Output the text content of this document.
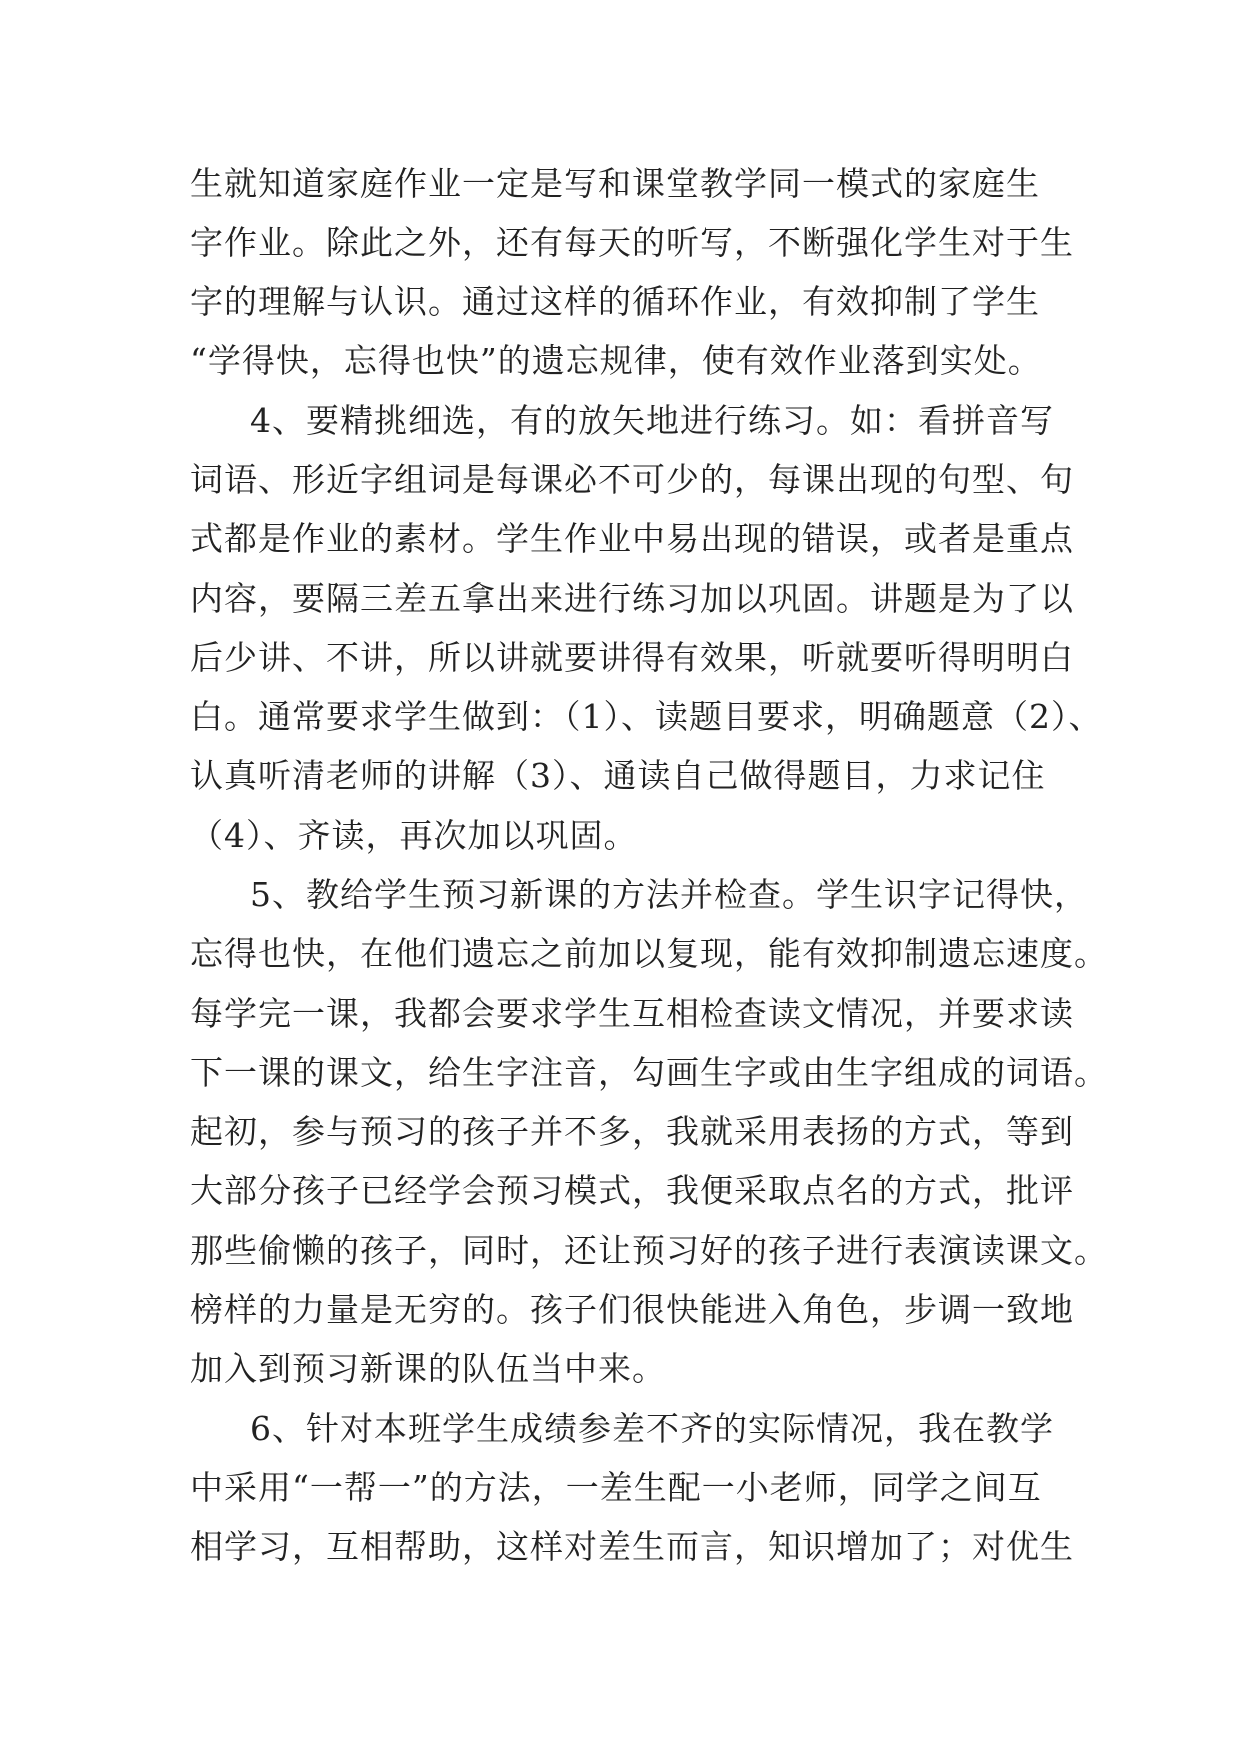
生就知道家庭作业一定是写和课堂教学同一模式的家庭生
字作业。除此之外，还有每天的听写，不断强化学生对于生
字的理解与认识。通过这样的循环作业，有效抑制了学生
“学得快，忘得也快”的遗忘规律，使有效作业落到实处。
4、要精挑细选，有的放矢地进行练习。如：看拼音写
词语、形近字组词是每课必不可少的，每课出现的句型、句
式都是作业的素材。学生作业中易出现的错误，或者是重点
内容，要隔三差五拿出来进行练习加以巩固。讲题是为了以
后少讲、不讲，所以讲就要讲得有效果，听就要听得明明白
白。通常要求学生做到：（1）、读题目要求，明确题意（2）、
认真听清老师的讲解（3）、通读自己做得题目，力求记住
（4）、齐读，再次加以巩固。
5、教给学生预习新课的方法并检查。学生识字记得快，
忘得也快，在他们遗忘之前加以复现，能有效抑制遗忘速度。
每学完一课，我都会要求学生互相检查读文情况，并要求读
下一课的课文，给生字注音，勾画生字或由生字组成的词语。
起初，参与预习的孩子并不多，我就采用表扬的方式，等到
大部分孩子已经学会预习模式，我便采取点名的方式，批评
那些偷懒的孩子，同时，还让预习好的孩子进行表演读课文。
榜样的力量是无穷的。孩子们很快能进入角色，步调一致地
加入到预习新课的队伍当中来。
6、针对本班学生成绩参差不齐的实际情况，我在教学
中采用“一帮一”的方法，一差生配一小老师，同学之间互
相学习，互相帮助，这样对差生而言，知识增加了；对优生
